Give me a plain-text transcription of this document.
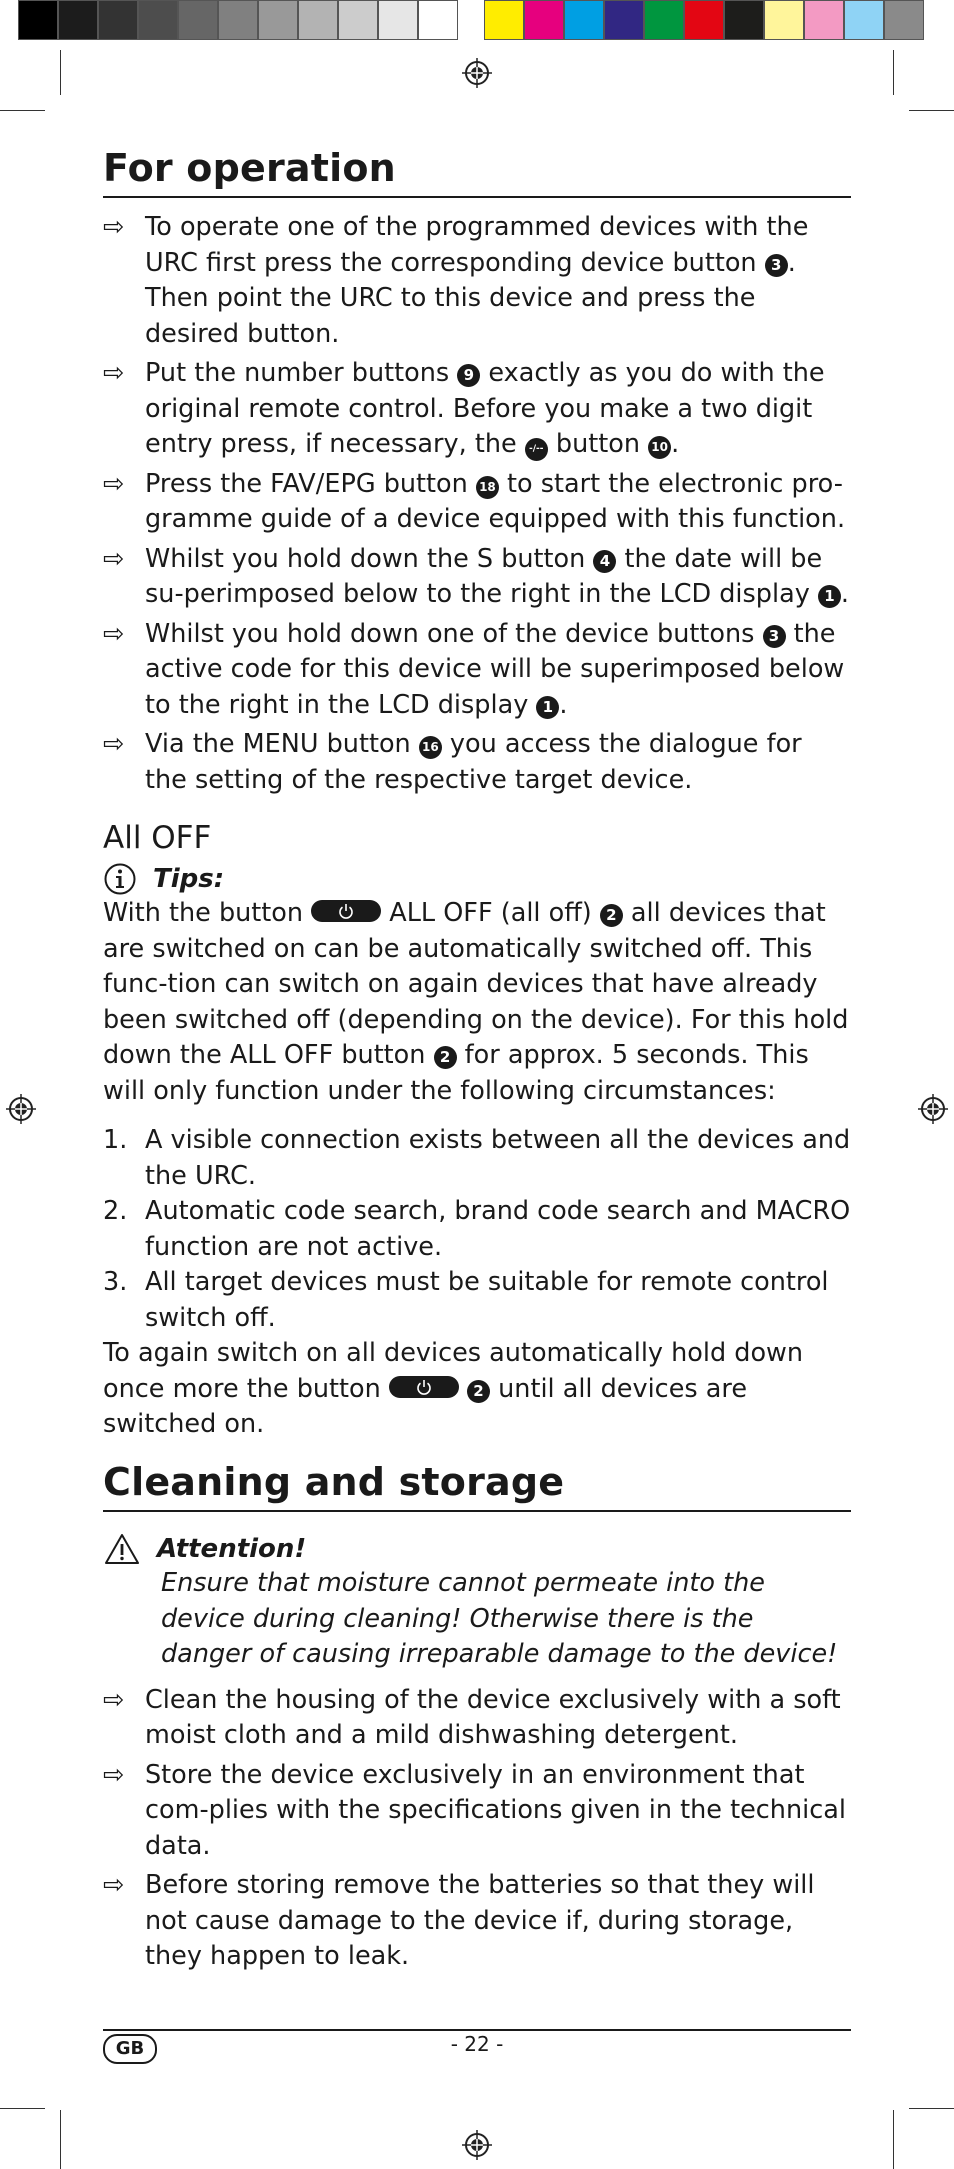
For operation
⇨ To operate one of the programmed devices with the URC first press the corresponding device button 3 .
Then point the URC to this device and press the desired button.
⇨ Put the number buttons 9 exactly as you do with the original remote control. Before you make a two digit entry press, if necessary, the -/-- button 10 .
⇨ Press the FAV/EPG button 18 to start the electronic pro-gramme guide of a device equipped with this function.
⇨ Whilst you hold down the S button 4 the date will be su-perimposed below to the right in the LCD display 1 .
⇨ Whilst you hold down one of the device buttons 3 the active code for this device will be superimposed below to the right in the LCD display 1 .
⇨ Via the MENU button 16 you access the dialogue for the setting of the respective target device.
All OFF
Tips:

With the button	ALL OFF (all off) 2 all devices that are switched on can be automatically switched off. This func-tion can switch on again devices that have already been switched off (depending on the device). For this hold down the ALL OFF button 2 for approx. 5 seconds. This will only function under the following circumstances:

1. A visible connection exists between all the devices and the URC.
2. Automatic code search, brand code search and MACRO function are not active.
3. All target devices must be suitable for remote control switch off.

To again switch on all devices automatically hold down once more the button	2 until all devices are switched on.

Cleaning and storage
Attention!

Ensure that moisture cannot permeate into the device during cleaning! Otherwise there is the danger of causing irreparable damage to the device!

⇨ Clean the housing of the device exclusively with a soft moist cloth and a mild dishwashing detergent.
⇨ Store the device exclusively in an environment that com-plies with the specifications given in the technical data.
⇨ Before storing remove the batteries so that they will not cause damage to the device if, during storage, they happen to leak.
GB	- 22 -
